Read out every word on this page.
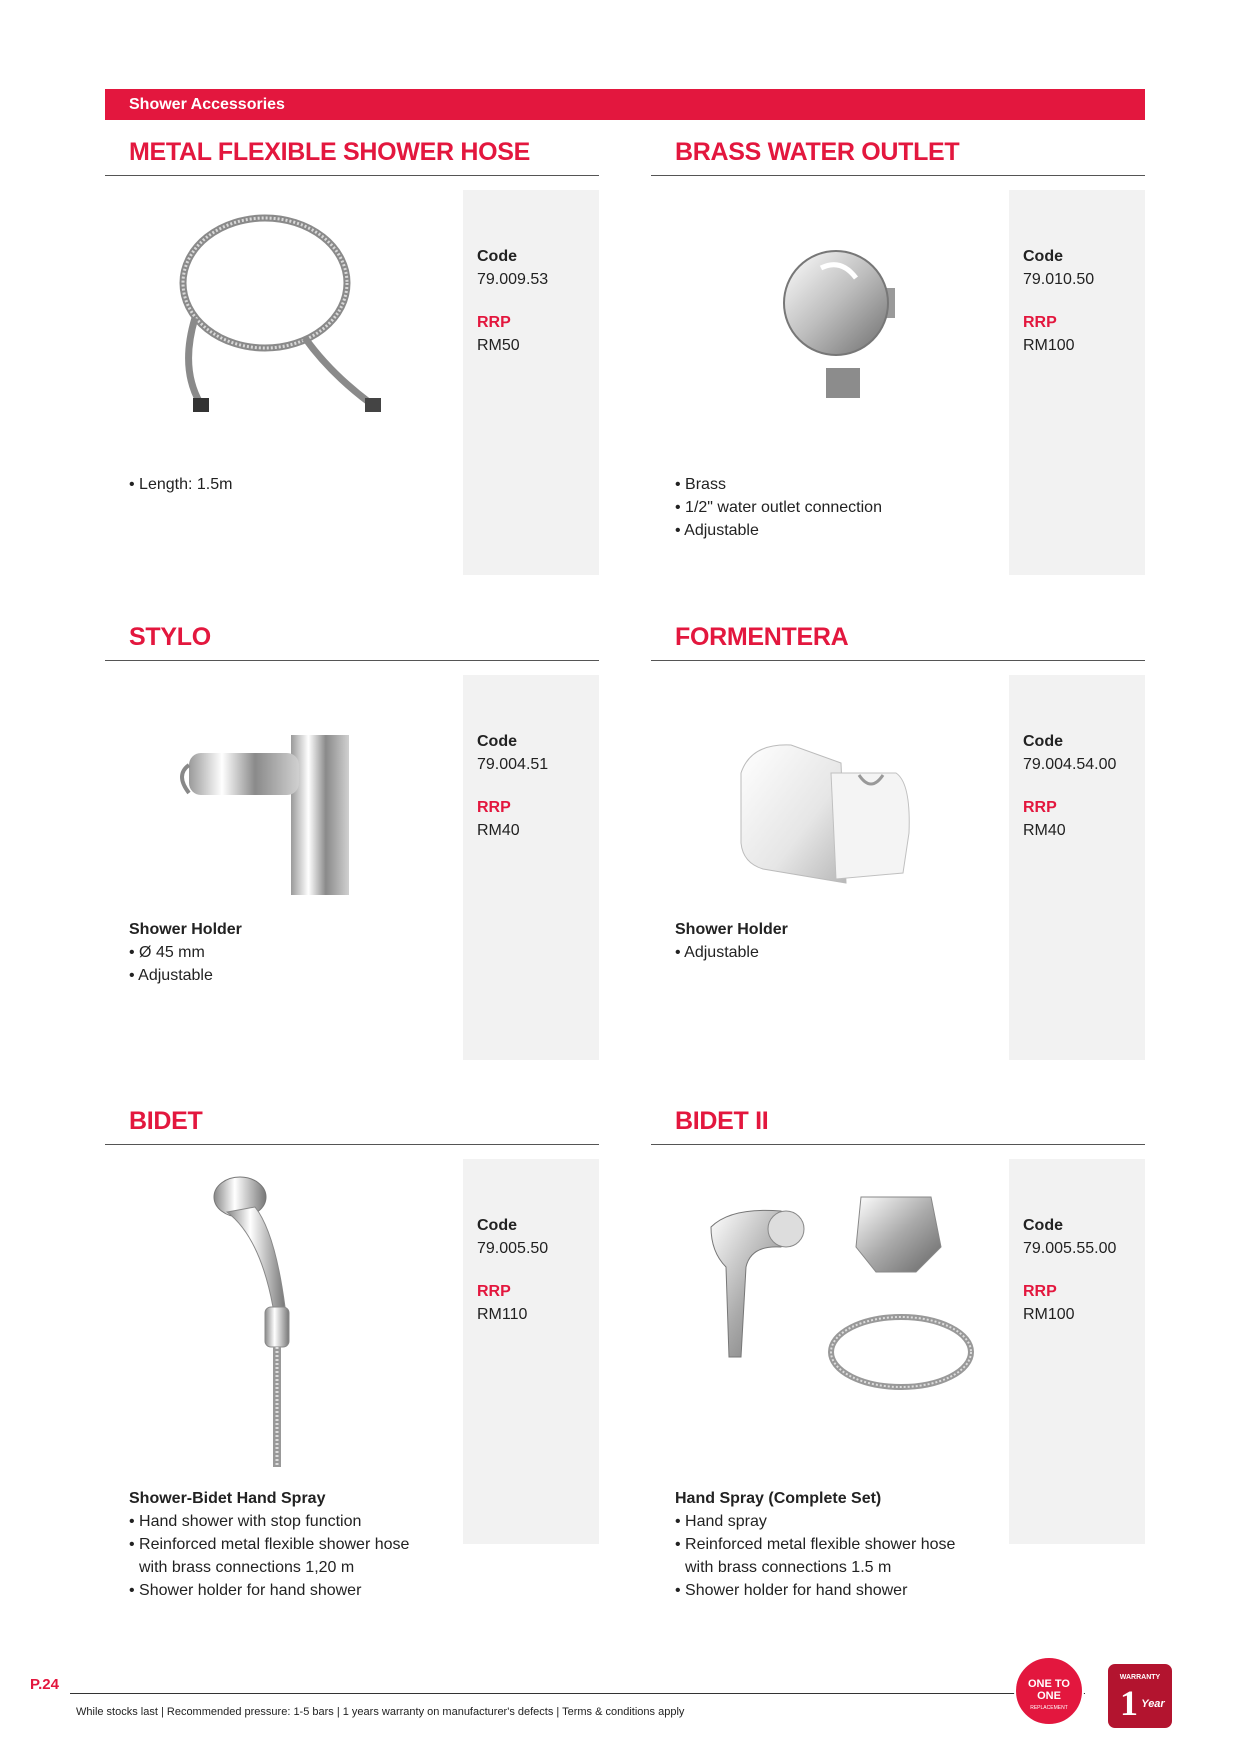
Shower Accessories
METAL FLEXIBLE SHOWER HOSE
Code
79.009.53
RRP
RM50
• Length: 1.5m
BRASS WATER OUTLET
Code
79.010.50
RRP
RM100
• Brass
• 1/2" water outlet connection
• Adjustable
STYLO
Code
79.004.51
RRP
RM40
Shower Holder
• Ø 45 mm
• Adjustable
FORMENTERA
Code
79.004.54.00
RRP
RM40
Shower Holder
• Adjustable
BIDET
Code
79.005.50
RRP
RM110
Shower-Bidet Hand Spray
• Hand shower with stop function
• Reinforced metal flexible shower hose
with brass connections 1,20 m
• Shower holder for hand shower
BIDET II
Code
79.005.55.00
RRP
RM100
Hand Spray (Complete Set)
• Hand spray
• Reinforced metal flexible shower hose
with brass connections 1.5 m
• Shower holder for hand shower
P.24
While stocks last | Recommended pressure: 1-5 bars | 1 years warranty on manufacturer's defects | Terms & conditions apply
ONE TO
ONE
REPLACEMENT
WARRANTY
1 Year
